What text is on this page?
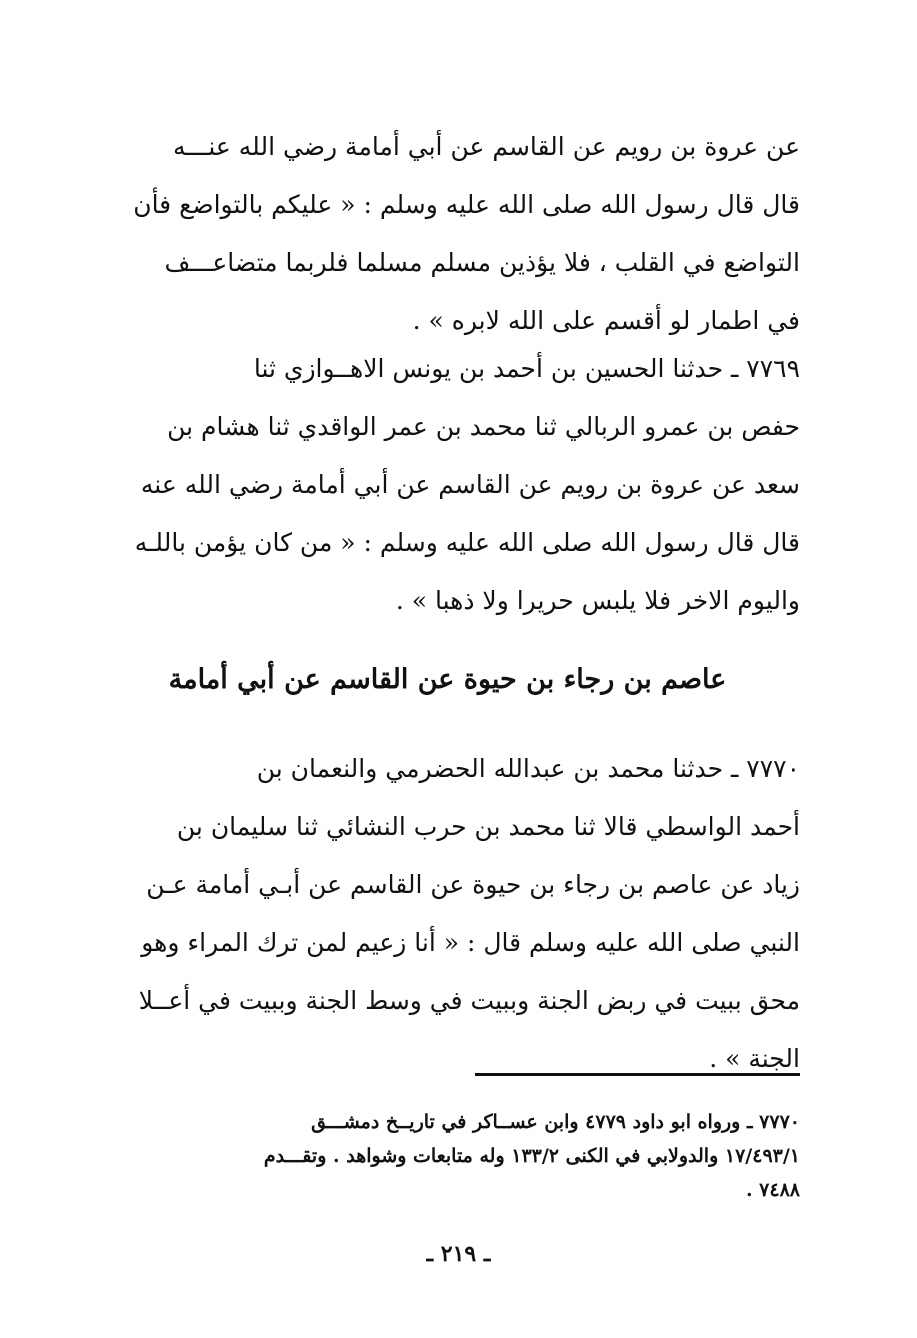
عن عروة بن رويم عن القاسم عن أبي أمامة رضي الله عنـــه
قال قال رسول الله صلى الله عليه وسلم : « عليكم بالتواضع فأن
التواضع في القلب ، فلا يؤذين مسلم مسلما فلربما متضاعـــف
في اطمار لو أقسم على الله لابره » .
٧٧٦٩ ـ حدثنا الحسين بن أحمد بن يونس الاهــوازي ثنا
حفص بن عمرو الربالي ثنا محمد بن عمر الواقدي ثنا هشام بن
سعد عن عروة بن رويم عن القاسم عن أبي أمامة رضي الله عنه
قال قال رسول الله صلى الله عليه وسلم : « من كان يؤمن باللـه
واليوم الاخر فلا يلبس حريرا ولا ذهبا » .
عاصم بن رجاء بن حيوة عن القاسم عن أبي أمامة
٧٧٧٠ ـ حدثنا محمد بن عبدالله الحضرمي والنعمان بن
أحمد الواسطي قالا ثنا محمد بن حرب النشائي ثنا سليمان بن
زياد عن عاصم بن رجاء بن حيوة عن القاسم عن أبـي أمامة عـن
النبي صلى الله عليه وسلم قال : « أنا زعيم لمن ترك المراء وهو
محق ببيت في ربض الجنة وببيت في وسط الجنة وببيت في أعــلا
الجنة » .
٧٧٧٠ ـ ورواه ابو داود ٤٧٧٩ وابن عســاكر في تاريــخ دمشـــق
١٧/٤٩٣/١ والدولابي في الكنى ١٣٣/٢ وله متابعات وشواهد . وتقـــدم
٧٤٨٨ .
ـ ٢١٩ ـ
